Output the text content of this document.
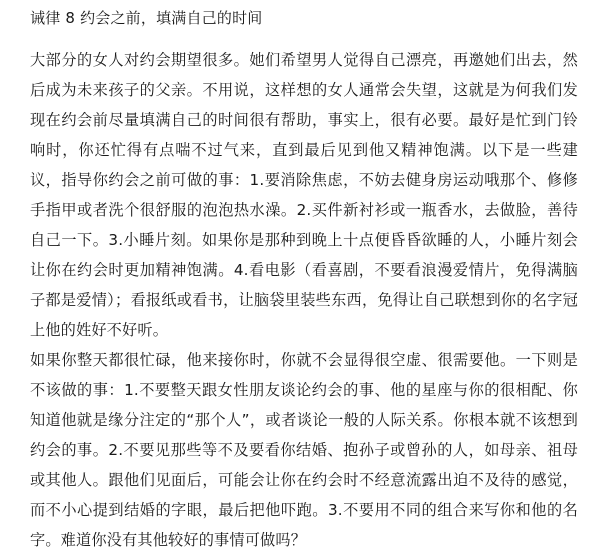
诫律 8 约会之前，填满自己的时间

大部分的女人对约会期望很多。她们希望男人觉得自己漂亮，再邀她们出去，然后成为未来孩子的父亲。不用说，这样想的女人通常会失望，这就是为何我们发现在约会前尽量填满自己的时间很有帮助，事实上，很有必要。最好是忙到门铃响时，你还忙得有点喘不过气来，直到最后见到他又精神饱满。以下是一些建议，指导你约会之前可做的事：1.要消除焦虑，不妨去健身房运动哦那个、修修手指甲或者洗个很舒服的泡泡热水澡。2.买件新衬衫或一瓶香水，去做脸，善待自己一下。3.小睡片刻。如果你是那种到晚上十点便昏昏欲睡的人，小睡片刻会让你在约会时更加精神饱满。4.看电影（看喜剧，不要看浪漫爱情片，免得满脑子都是爱情）；看报纸或看书，让脑袋里装些东西，免得让自己联想到你的名字冠上他的姓好不好听。

如果你整天都很忙碌，他来接你时，你就不会显得很空虚、很需要他。一下则是不该做的事：1.不要整天跟女性朋友谈论约会的事、他的星座与你的很相配、你知道他就是缘分注定的“那个人”，或者谈论一般的人际关系。你根本就不该想到约会的事。2.不要见那些等不及要看你结婚、抱孙子或曾孙的人，如母亲、祖母或其他人。跟他们见面后，可能会让你在约会时不经意流露出迫不及待的感觉，而不小心提到结婚的字眼，最后把他吓跑。3.不要用不同的组合来写你和他的名字。难道你没有其他较好的事情可做吗？
